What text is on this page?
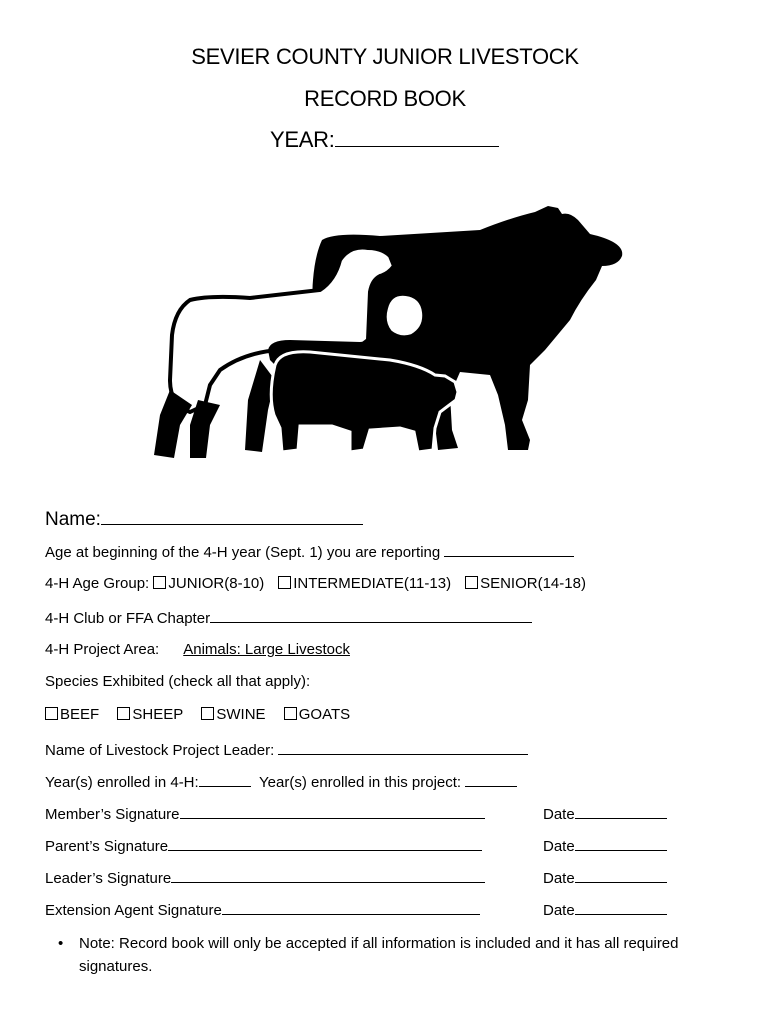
SEVIER COUNTY JUNIOR LIVESTOCK
RECORD BOOK
YEAR:
Name:
Age at beginning of the 4-H year (Sept. 1) you are reporting
4-H Age Group: JUNIOR(8-10) INTERMEDIATE(11-13) SENIOR(14-18)
4-H Club or FFA Chapter
4-H Project Area: Animals: Large Livestock
Species Exhibited (check all that apply):
BEEF SHEEP SWINE GOATS
Name of Livestock Project Leader:
Year(s) enrolled in 4-H:	Year(s) enrolled in this project:
Member’s Signature	Date
Parent’s Signature	Date
Leader’s Signature	Date
Extension Agent Signature	Date
• Note: Record book will only be accepted if all information is included and it has all required signatures.
